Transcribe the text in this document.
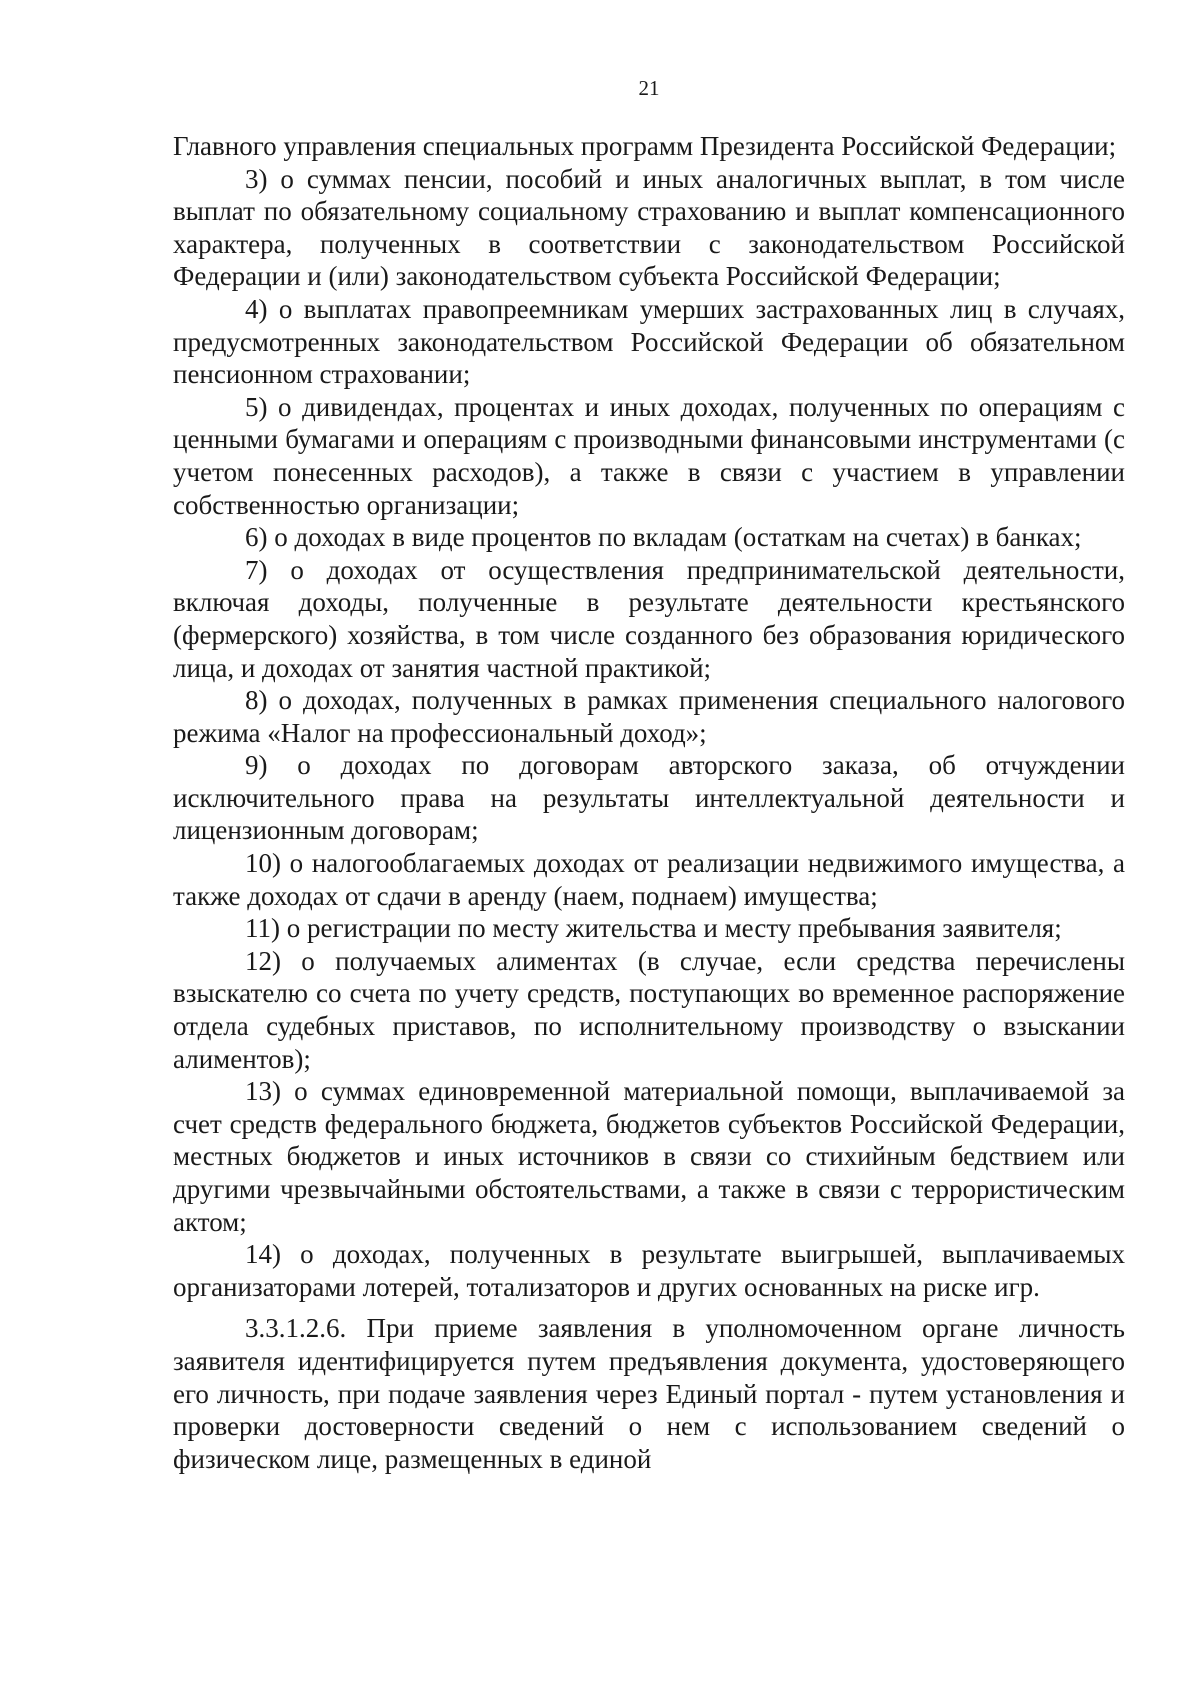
21

Главного управления специальных программ Президента Российской Федерации;

3) о суммах пенсии, пособий и иных аналогичных выплат, в том числе выплат по обязательному социальному страхованию и выплат компенсационного характера, полученных в соответствии с законодательством Российской Федерации и (или) законодательством субъекта Российской Федерации;

4) о выплатах правопреемникам умерших застрахованных лиц в случаях, предусмотренных законодательством Российской Федерации об обязательном пенсионном страховании;

5) о дивидендах, процентах и иных доходах, полученных по операциям с ценными бумагами и операциям с производными финансовыми инструментами (с учетом понесенных расходов), а также в связи с участием в управлении собственностью организации;

6) о доходах в виде процентов по вкладам (остаткам на счетах) в банках;

7) о доходах от осуществления предпринимательской деятельности, включая доходы, полученные в результате деятельности крестьянского (фермерского) хозяйства, в том числе созданного без образования юридического лица, и доходах от занятия частной практикой;

8) о доходах, полученных в рамках применения специального налогового режима «Налог на профессиональный доход»;

9) о доходах по договорам авторского заказа, об отчуждении исключительного права на результаты интеллектуальной деятельности и лицензионным договорам;

10) о налогооблагаемых доходах от реализации недвижимого имущества, а также доходах от сдачи в аренду (наем, поднаем) имущества;

11) о регистрации по месту жительства и месту пребывания заявителя;

12) о получаемых алиментах (в случае, если средства перечислены взыскателю со счета по учету средств, поступающих во временное распоряжение отдела судебных приставов, по исполнительному производству о взыскании алиментов);

13) о суммах единовременной материальной помощи, выплачиваемой за счет средств федерального бюджета, бюджетов субъектов Российской Федерации, местных бюджетов и иных источников в связи со стихийным бедствием или другими чрезвычайными обстоятельствами, а также в связи с террористическим актом;

14) о доходах, полученных в результате выигрышей, выплачиваемых организаторами лотерей, тотализаторов и других основанных на риске игр.

3.3.1.2.6. При приеме заявления в уполномоченном органе личность заявителя идентифицируется путем предъявления документа, удостоверяющего его личность, при подаче заявления через Единый портал - путем установления и проверки достоверности сведений о нем с использованием сведений о физическом лице, размещенных в единой
